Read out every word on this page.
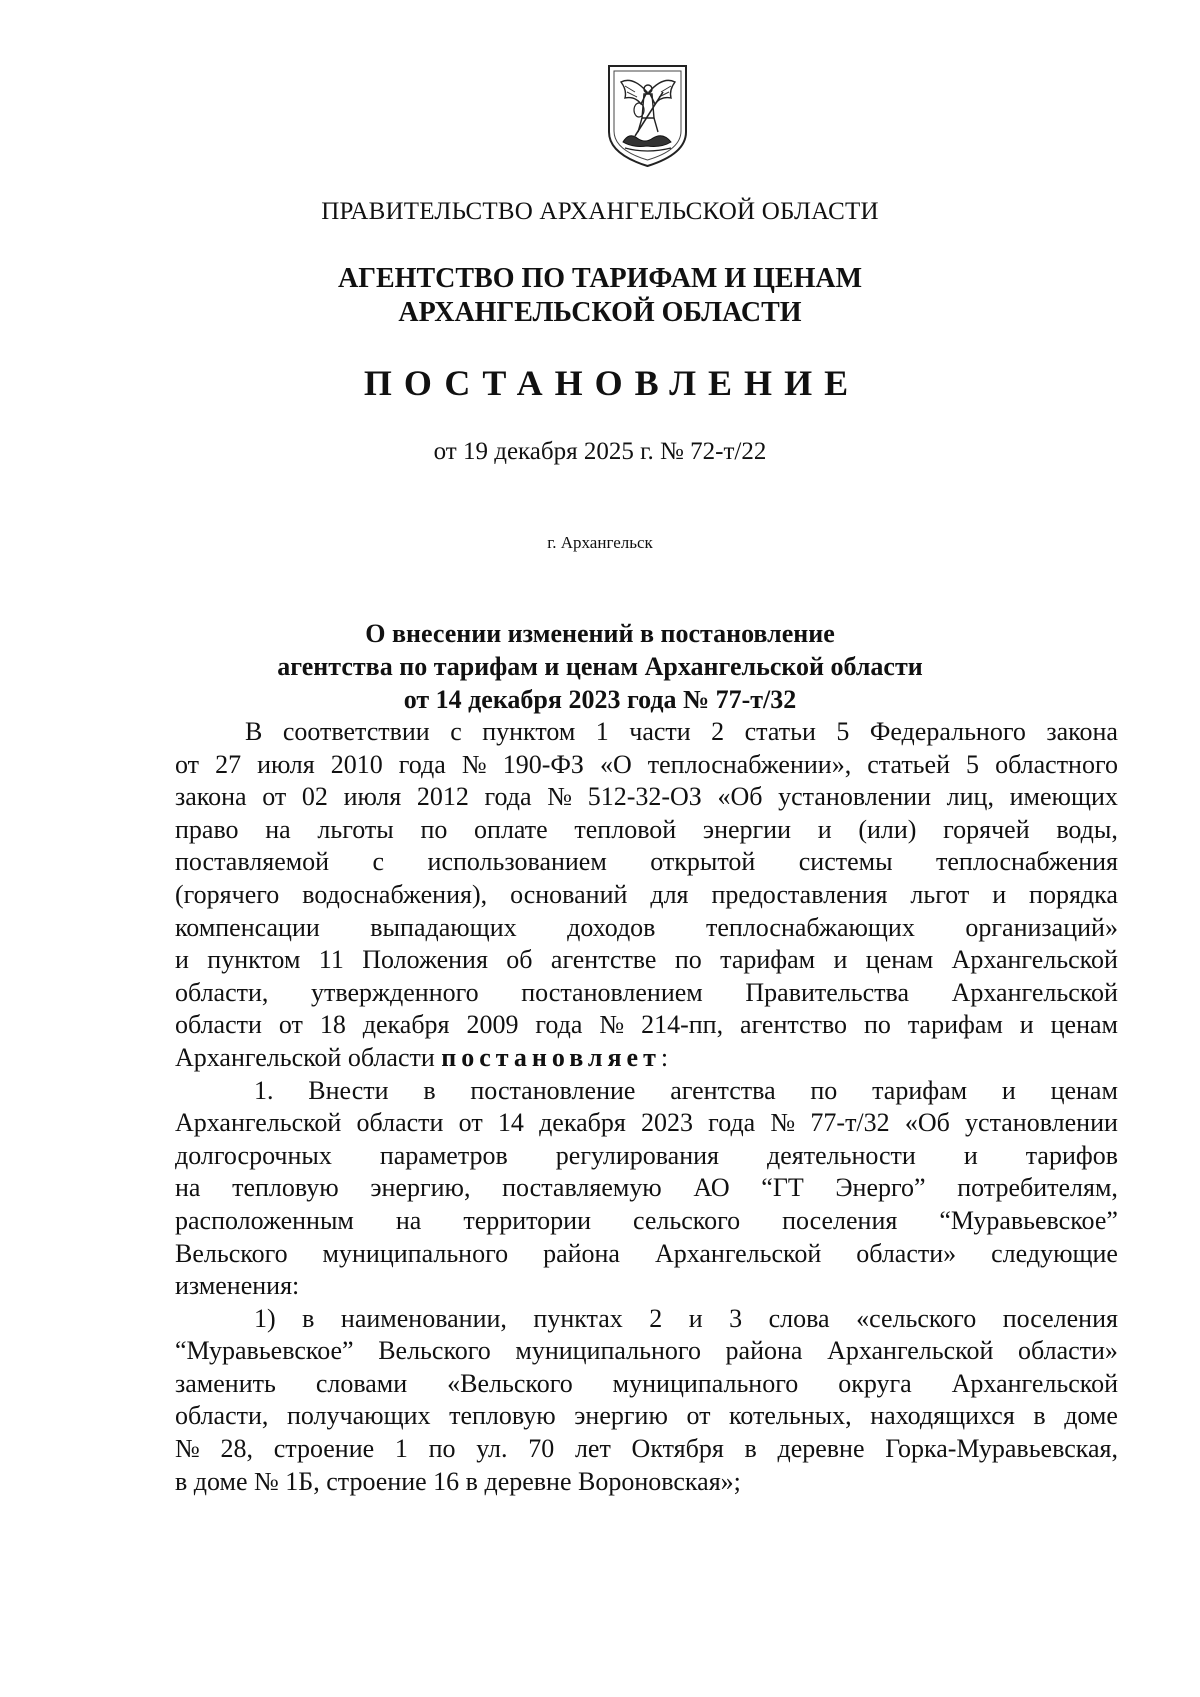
ПРАВИТЕЛЬСТВО АРХАНГЕЛЬСКОЙ ОБЛАСТИ
АГЕНТСТВО ПО ТАРИФАМ И ЦЕНАМ
АРХАНГЕЛЬСКОЙ ОБЛАСТИ
ПОСТАНОВЛЕНИЕ
от 19 декабря 2025 г. № 72-т/22
г. Архангельск
О внесении изменений в постановление
агентства по тарифам и ценам Архангельской области
от 14 декабря 2023 года № 77-т/32
В соответствии с пунктом 1 части 2 статьи 5 Федерального закона
от 27 июля 2010 года № 190-ФЗ «О теплоснабжении», статьей 5 областного
закона от 02 июля 2012 года № 512-32-ОЗ «Об установлении лиц, имеющих
право на льготы по оплате тепловой энергии и (или) горячей воды,
поставляемой с использованием открытой системы теплоснабжения
(горячего водоснабжения), оснований для предоставления льгот и порядка
компенсации выпадающих доходов теплоснабжающих организаций»
и пунктом 11 Положения об агентстве по тарифам и ценам Архангельской
области, утвержденного постановлением Правительства Архангельской
области от 18 декабря 2009 года № 214-пп, агентство по тарифам и ценам
Архангельской области
постановляет :
1. Внести в постановление агентства по тарифам и ценам
Архангельской области от 14 декабря 2023 года № 77-т/32 «Об установлении
долгосрочных параметров регулирования деятельности и тарифов
на тепловую энергию, поставляемую АО “ГТ Энерго” потребителям,
расположенным на территории сельского поселения “Муравьевское”
Вельского муниципального района Архангельской области» следующие
изменения:
1) в наименовании, пунктах 2 и 3 слова «сельского поселения
“Муравьевское” Вельского муниципального района Архангельской области»
заменить словами «Вельского муниципального округа Архангельской
области, получающих тепловую энергию от котельных, находящихся в доме
№ 28, строение 1 по ул. 70 лет Октября в деревне Горка-Муравьевская,
в доме № 1Б, строение 16 в деревне Вороновская»;
